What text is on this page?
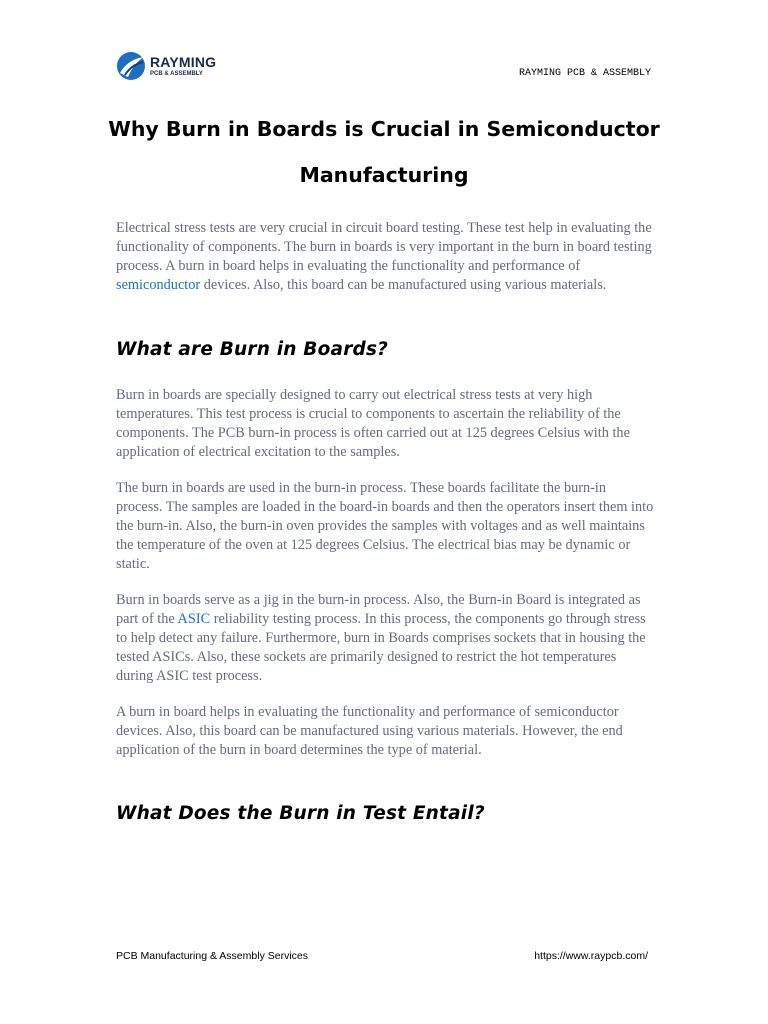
RAYMING
PCB & ASSEMBLY	RAYMING PCB & ASSEMBLY
Why Burn in Boards is Crucial in Semiconductor
Manufacturing

Electrical stress tests are very crucial in circuit board testing. These test help in evaluating the functionality of components. The burn in boards is very important in the burn in board testing process. A burn in board helps in evaluating the functionality and performance of semiconductor devices. Also, this board can be manufactured using various materials.

What are Burn in Boards?

Burn in boards are specially designed to carry out electrical stress tests at very high temperatures. This test process is crucial to components to ascertain the reliability of the components. The PCB burn-in process is often carried out at 125 degrees Celsius with the application of electrical excitation to the samples.

The burn in boards are used in the burn-in process. These boards facilitate the burn-in process. The samples are loaded in the board-in boards and then the operators insert them into the burn-in. Also, the burn-in oven provides the samples with voltages and as well maintains the temperature of the oven at 125 degrees Celsius. The electrical bias may be dynamic or static.

Burn in boards serve as a jig in the burn-in process. Also, the Burn-in Board is integrated as part of the ASIC reliability testing process. In this process, the components go through stress to help detect any failure. Furthermore, burn in Boards comprises sockets that in housing the tested ASICs. Also, these sockets are primarily designed to restrict the hot temperatures during ASIC test process.

A burn in board helps in evaluating the functionality and performance of semiconductor devices. Also, this board can be manufactured using various materials. However, the end application of the burn in board determines the type of material.

What Does the Burn in Test Entail?
PCB Manufacturing & Assembly Services	https://www.raypcb.com/
